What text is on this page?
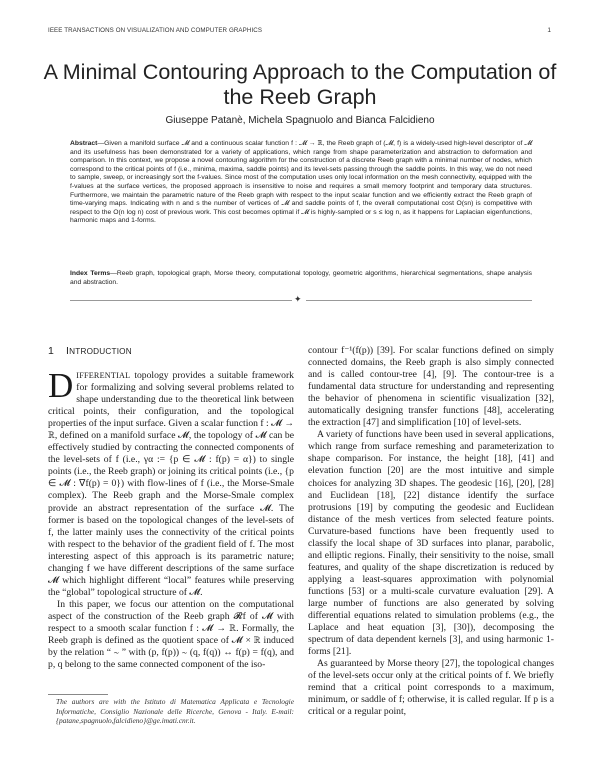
IEEE TRANSACTIONS ON VISUALIZATION AND COMPUTER GRAPHICS	1
A Minimal Contouring Approach to the Computation of the Reeb Graph
Giuseppe Patanè, Michela Spagnuolo and Bianca Falcidieno
Abstract—Given a manifold surface 𝓜 and a continuous scalar function f : 𝓜 → ℝ, the Reeb graph of (𝓜, f) is a widely-used high-level descriptor of 𝓜 and its usefulness has been demonstrated for a variety of applications, which range from shape parameterization and abstraction to deformation and comparison. In this context, we propose a novel contouring algorithm for the construction of a discrete Reeb graph with a minimal number of nodes, which correspond to the critical points of f (i.e., minima, maxima, saddle points) and its level-sets passing through the saddle points. In this way, we do not need to sample, sweep, or increasingly sort the f-values. Since most of the computation uses only local information on the mesh connectivity, equipped with the f-values at the surface vertices, the proposed approach is insensitive to noise and requires a small memory footprint and temporary data structures. Furthermore, we maintain the parametric nature of the Reeb graph with respect to the input scalar function and we efficiently extract the Reeb graph of time-varying maps. Indicating with n and s the number of vertices of 𝓜 and saddle points of f, the overall computational cost O(sn) is competitive with respect to the O(n log n) cost of previous work. This cost becomes optimal if 𝓜 is highly-sampled or s ≤ log n, as it happens for Laplacian eigenfunctions, harmonic maps and 1-forms.
Index Terms—Reeb graph, topological graph, Morse theory, computational topology, geometric algorithms, hierarchical segmentations, shape analysis and abstraction.
✦
1 INTRODUCTION

DIFFERENTIAL topology provides a suitable framework for formalizing and solving several problems related to shape understanding due to the theoretical link between critical points, their configuration, and the topological properties of the input surface. Given a scalar function f : 𝓜 → ℝ, defined on a manifold surface 𝓜, the topology of 𝓜 can be effectively studied by contracting the connected components of the level-sets of f (i.e., γα := {p ∈ 𝓜 : f(p) = α}) to single points (i.e., the Reeb graph) or joining its critical points (i.e., {p ∈ 𝓜 : ∇f(p) = 0}) with flow-lines of f (i.e., the Morse-Smale complex). The Reeb graph and the Morse-Smale complex provide an abstract representation of the surface 𝓜. The former is based on the topological changes of the level-sets of f, the latter mainly uses the connectivity of the critical points with respect to the behavior of the gradient field of f. The most interesting aspect of this approach is its parametric nature; changing f we have different descriptions of the same surface 𝓜 which highlight different “local” features while preserving the “global” topological structure of 𝓜.

In this paper, we focus our attention on the computational aspect of the construction of the Reeb graph 𝓡f of 𝓜 with respect to a smooth scalar function f : 𝓜 → ℝ. Formally, the Reeb graph is defined as the quotient space of 𝓜 × ℝ induced by the relation “ ∼ ” with (p, f(p)) ∼ (q, f(q)) ↔ f(p) = f(q), and p, q belong to the same connected component of the iso-

The authors are with the Istituto di Matematica Applicata e Tecnologie Informatiche, Consiglio Nazionale delle Ricerche, Genova - Italy. E-mail:{patane,spagnuolo,falcidieno}@ge.imati.cnr.it.

contour f⁻¹(f(p)) [39]. For scalar functions defined on simply connected domains, the Reeb graph is also simply connected and is called contour-tree [4], [9]. The contour-tree is a fundamental data structure for understanding and representing the behavior of phenomena in scientific visualization [32], automatically designing transfer functions [48], accelerating the extraction [47] and simplification [10] of level-sets.

A variety of functions have been used in several applications, which range from surface remeshing and parameterization to shape comparison. For instance, the height [18], [41] and elevation function [20] are the most intuitive and simple choices for analyzing 3D shapes. The geodesic [16], [20], [28] and Euclidean [18], [22] distance identify the surface protrusions [19] by computing the geodesic and Euclidean distance of the mesh vertices from selected feature points. Curvature-based functions have been frequently used to classify the local shape of 3D surfaces into planar, parabolic, and elliptic regions. Finally, their sensitivity to the noise, small features, and quality of the shape discretization is reduced by applying a least-squares approximation with polynomial functions [53] or a multi-scale curvature evaluation [29]. A large number of functions are also generated by solving differential equations related to simulation problems (e.g., the Laplace and heat equation [3], [30]), decomposing the spectrum of data dependent kernels [3], and using harmonic 1-forms [21].

As guaranteed by Morse theory [27], the topological changes of the level-sets occur only at the critical points of f. We briefly remind that a critical point corresponds to a maximum, minimum, or saddle of f; otherwise, it is called regular. If p is a critical or a regular point,
